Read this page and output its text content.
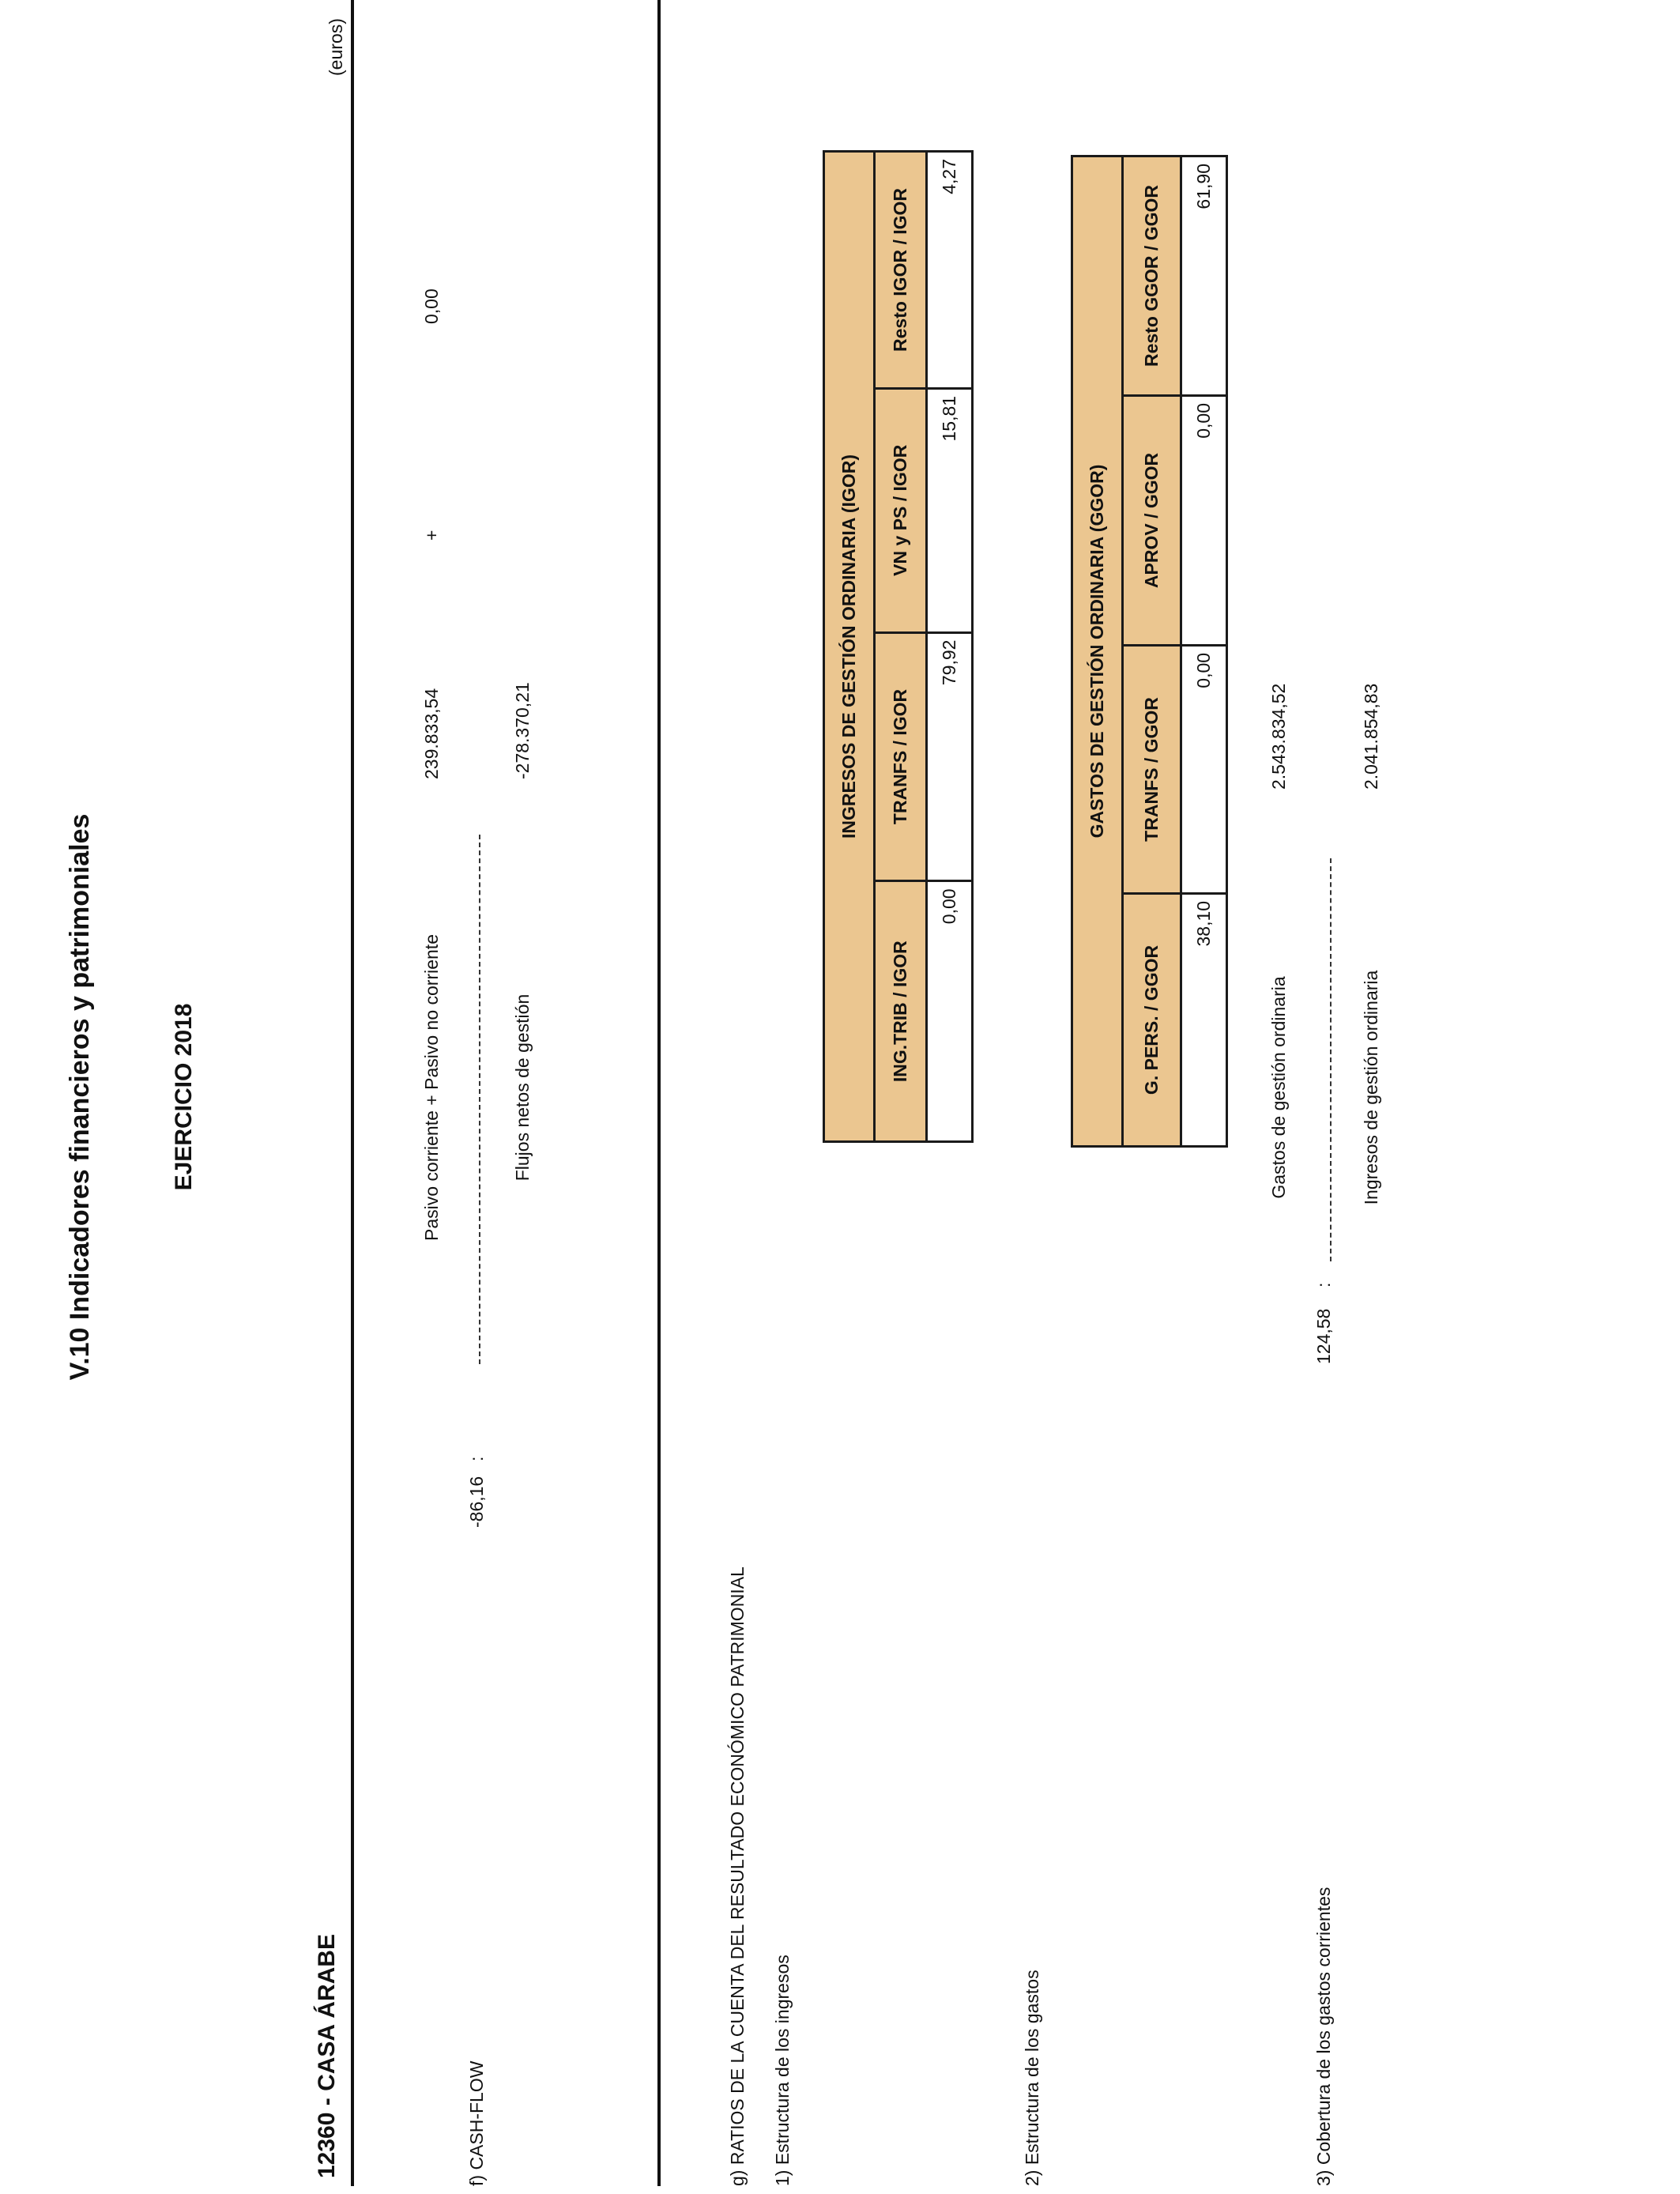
V.10 Indicadores financieros y patrimoniales	EJERCICIO 2018
12360 - CASA ÁRABE
(euros)
f) CASH-FLOW
-86,16
:
Pasivo corriente + Pasivo no corriente	Flujos netos de gestión
239.833,54	-278.370,21
+
0,00
g) RATIOS DE LA CUENTA DEL RESULTADO ECONÓMICO PATRIMONIAL 1) Estructura de los ingresos
INGRESOS DE GESTIÓN ORDINARIA (IGOR)			
ING.TRIB / IGOR	TRANFS / IGOR	VN y PS / IGOR	Resto IGOR / IGOR
0,00	79,92	15,81	4,27
2) Estructura de los gastos
GASTOS DE GESTIÓN ORDINARIA (GGOR)			
G. PERS. / GGOR	TRANFS / GGOR	APROV / GGOR	Resto GGOR / GGOR
38,10	0,00	0,00	61,90
3) Cobertura de los gastos corrientes
124,58
:
Gastos de gestión ordinaria	Ingresos de gestión ordinaria
2.543.834,52	2.041.854,83
